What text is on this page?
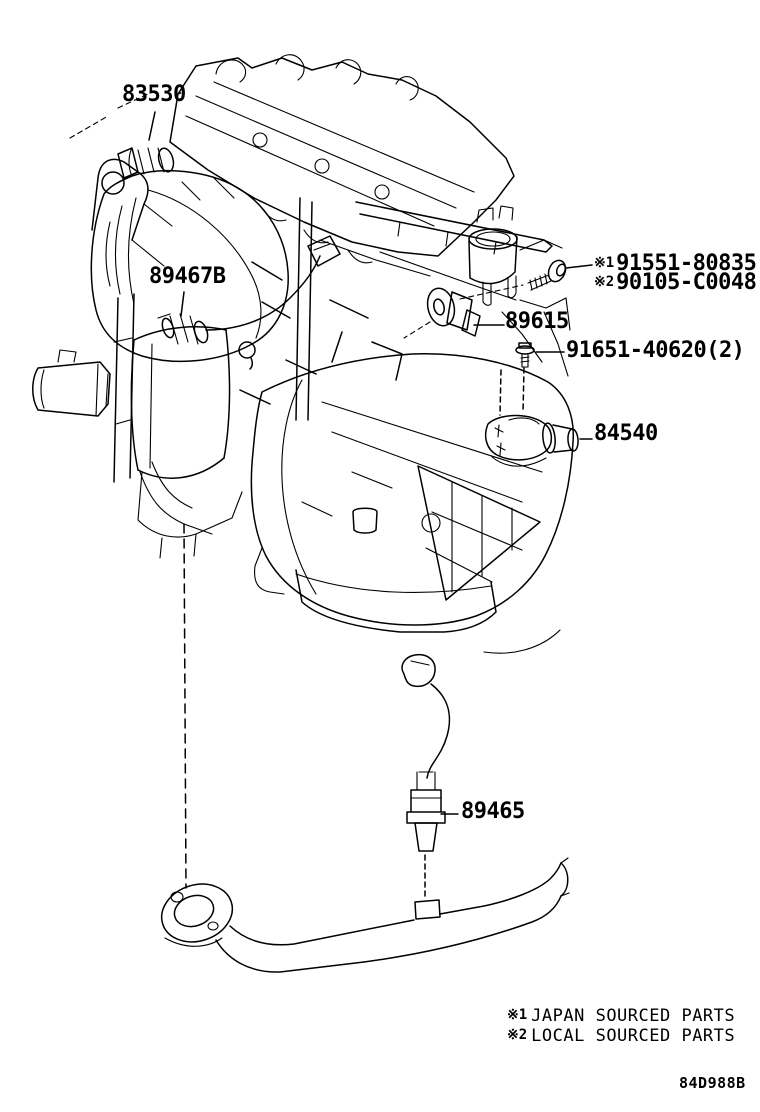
83530
89467B
89615
※191551-80835
※290105-C0048
91651-40620(2)
84540
89465
※1 JAPAN SOURCED PARTS
※2 LOCAL SOURCED PARTS
84D988B
